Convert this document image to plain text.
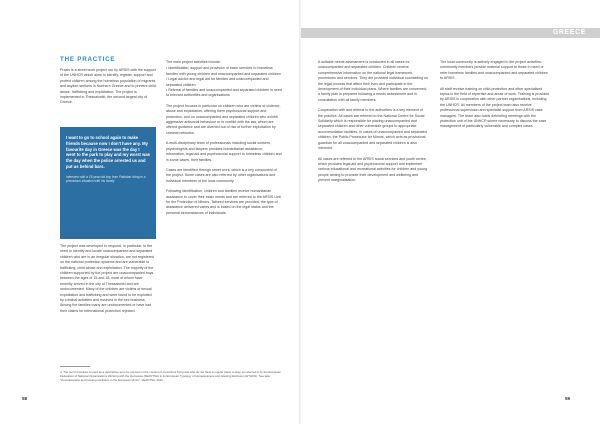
GREECE
THE PRACTICE

Praxis is a street work project run by ARSIS with the support of the UNHCR which aims to identify, register, support and protect children among the homeless population of migrants and asylum seekers in Northern Greece and to prevent child abuse, trafficking and exploitation. The project is implemented in Thessaloniki, the second largest city of Greece.

I want to go to school again to make friends because now I don't have any. My favourite day in Greece was the day I went to the park to play and my worst was the day when the police arrested us and put us behind bars.
Interview with a 15-year-old boy from Pakistan living in a precarious situation with his family

The project was developed to respond, in particular, to the need to identify and locate unaccompanied and separated children who are in an irregular situation, are not registered on the national protection systems and are vulnerable to trafficking, child abuse and exploitation. The majority of the children supported by the project are unaccompanied boys between the ages of 15 and 18, most of whom have recently arrived in the city of Thessaloniki and are undocumented. Many of the children are victims of sexual exploitation and trafficking and were found to be exploited by criminal activities and involved in the sex business. Among the families many are undocumented or have had their claims for international protection rejected.

The main project activities include:

• Identification, support and provision of basic services to homeless families with young children and unaccompanied and separated children
• Legal advice and legal aid for families and unaccompanied and separated children
• Referral of families and unaccompanied and separated children in need to relevant authorities and organisations

The project focuses in particular on children who are victims of violence, abuse and exploitation, offering them psychosocial support and protection, and on unaccompanied and separated children who exhibit aggressive antisocial behaviour or in conflict with the law, whom are offered guidance and are diverted out of risk of further exploitation by criminal networks.

A multi-disciplinary team of professionals including social workers, psychologists and lawyers provides humanitarian assistance, information, legal aid and psychosocial support to homeless children and in some cases, their families.

Cases are identified through street work, which is a key component of the project. Some cases are also referred by other organisations and individual members of the local community.

Following identification, children and families receive humanitarian assistance to cover their basic needs and are referred to the ARSIS Unit for the Protection of Minors. Tailored services are provided, the type of assistance delivered varies and is based on the legal status and the personal circumstances of individuals.

4. The term homeless is used as a descriptive term for persons in the context of precarious living and who do not have a regular place to stay, as referred to by the European Federation of National Organisations Working with the Homeless (FEANTSA) in its European Typology of Homelessness and Housing Exclusion (ETHOS). See also: "Homelessness and housing exclusion in the European Union", FEANTSA, 2011.
58

A suitable needs assessment is conducted in all cases for unaccompanied and separated children. Children receive comprehensive information on the national legal framework, procedures and services. They are provided individual counselling on the legal process that affect their lives and participate in the development of their individual plans. Where families are concerned, a family plan is prepared following a needs assessment and in consultation with all family members.

Cooperation with and referral to the authorities is a key element of the practice. All cases are referred to the National Centre for Social Solidarity which is responsible for placing unaccompanied and separated children and other vulnerable groups to appropriate accommodation facilities. In cases of unaccompanied and separated children, the Public Prosecutor for Minors, which acts as provisional guardian for all unaccompanied and separated children is also informed.

All cases are referred to the ARSIS social services and youth centre, which provides legal aid and psychosocial support and implement various educational and recreational activities for children and young people aiming to promote their development and wellbeing and prevent marginalisation.

The local community is actively engaged in the project activities: community members provide material support to those in need or refer homeless families and unaccompanied and separated children to ARSIS.

All staff receive training on child protection and other specialised topics in the field of expertise and areas of work. Training is provided by ARSIS in cooperation with other partner organisations, including the UNHCR. All members of the project team also receive professional supervision and specialist support from ARSIS case managers. The team also holds debriefing meetings with the protection unit of the UNHCR where necessary to discuss the case management of particularly vulnerable and complex cases.

59
